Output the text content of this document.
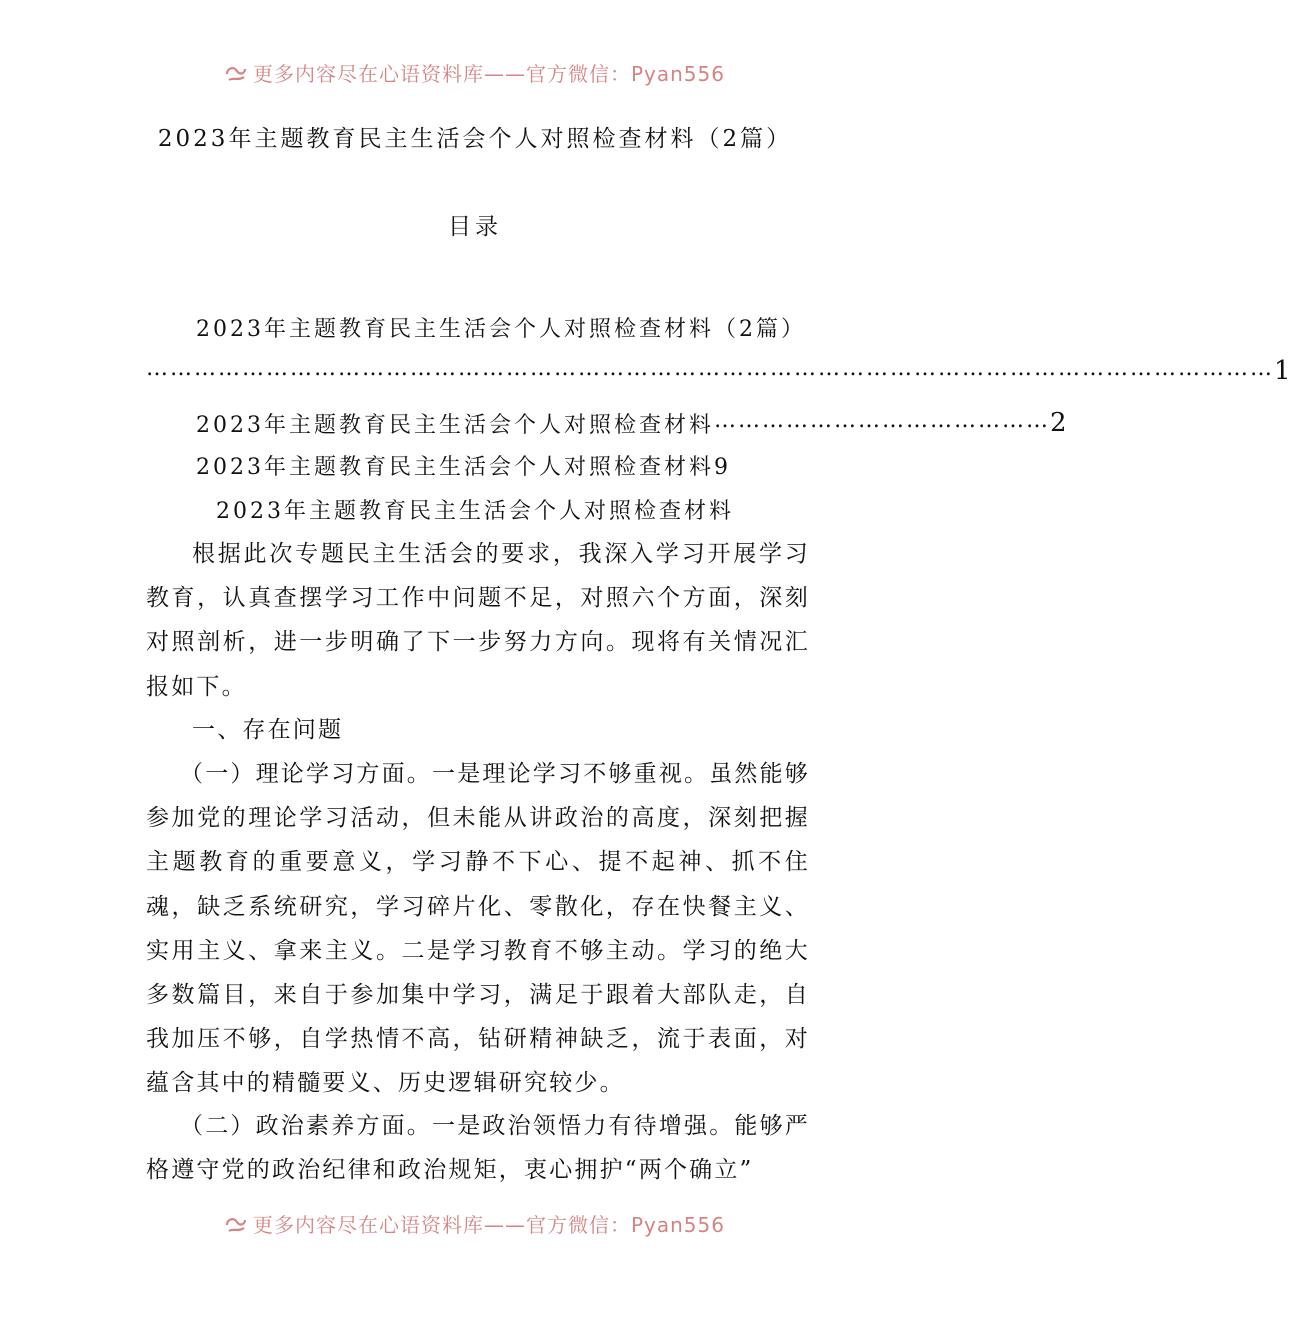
更多内容尽在心语资料库——官方微信：Pyan556
2023年主题教育民主生活会个人对照检查材料（2篇）
目录
2023年主题教育民主生活会个人对照检查材料（2篇）
…………………………………………………………………………………………………………………………… 1
2023年主题教育民主生活会个人对照检查材料 …………………………………… 2
2023年主题教育民主生活会个人对照检查材料9
2023年主题教育民主生活会个人对照检查材料
根据此次专题民主生活会的要求，我深入学习开展学习教育，认真查摆学习工作中问题不足，对照六个方面，深刻对照剖析，进一步明确了下一步努力方向。现将有关情况汇报如下。
一、存在问题
（一）理论学习方面。一是理论学习不够重视。虽然能够参加党的理论学习活动，但未能从讲政治的高度，深刻把握主题教育的重要意义，学习静不下心、提不起神、抓不住魂，缺乏系统研究，学习碎片化、零散化，存在快餐主义、实用主义、拿来主义。二是学习教育不够主动。学习的绝大多数篇目，来自于参加集中学习，满足于跟着大部队走，自我加压不够，自学热情不高，钻研精神缺乏，流于表面，对蕴含其中的精髓要义、历史逻辑研究较少。
（二）政治素养方面。一是政治领悟力有待增强。能够严格遵守党的政治纪律和政治规矩，衷心拥护“两个确立”
更多内容尽在心语资料库——官方微信：Pyan556
